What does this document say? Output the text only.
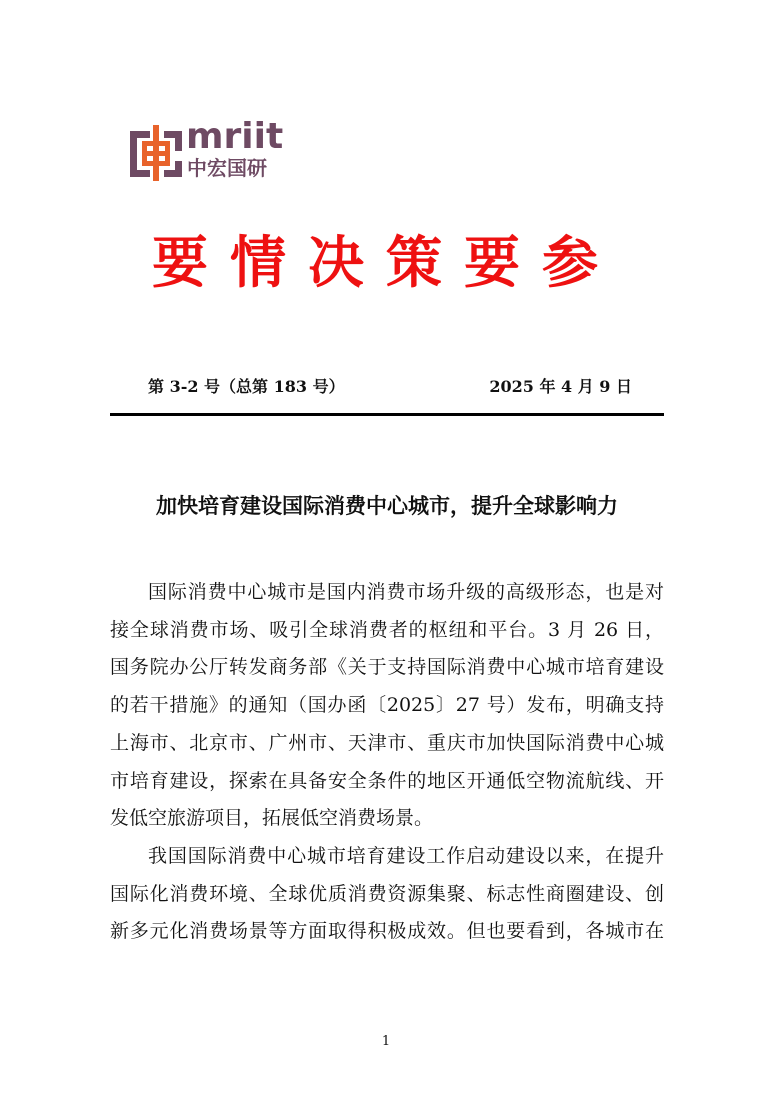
mriit
中宏国研
要情决策要参
第 3-2 号（总第 183 号）	2025 年 4 月 9 日
加快培育建设国际消费中心城市，提升全球影响力
国际消费中心城市是国内消费市场升级的高级形态，也是对
接全球消费市场、吸引全球消费者的枢纽和平台。3 月 26 日，
国务院办公厅转发商务部《关于支持国际消费中心城市培育建设
的若干措施》的通知（国办函〔2025〕27 号）发布，明确支持
上海市、北京市、广州市、天津市、重庆市加快国际消费中心城
市培育建设，探索在具备安全条件的地区开通低空物流航线、开
发低空旅游项目，拓展低空消费场景。
我国国际消费中心城市培育建设工作启动建设以来，在提升
国际化消费环境、全球优质消费资源集聚、标志性商圈建设、创
新多元化消费场景等方面取得积极成效。但也要看到，各城市在
1
